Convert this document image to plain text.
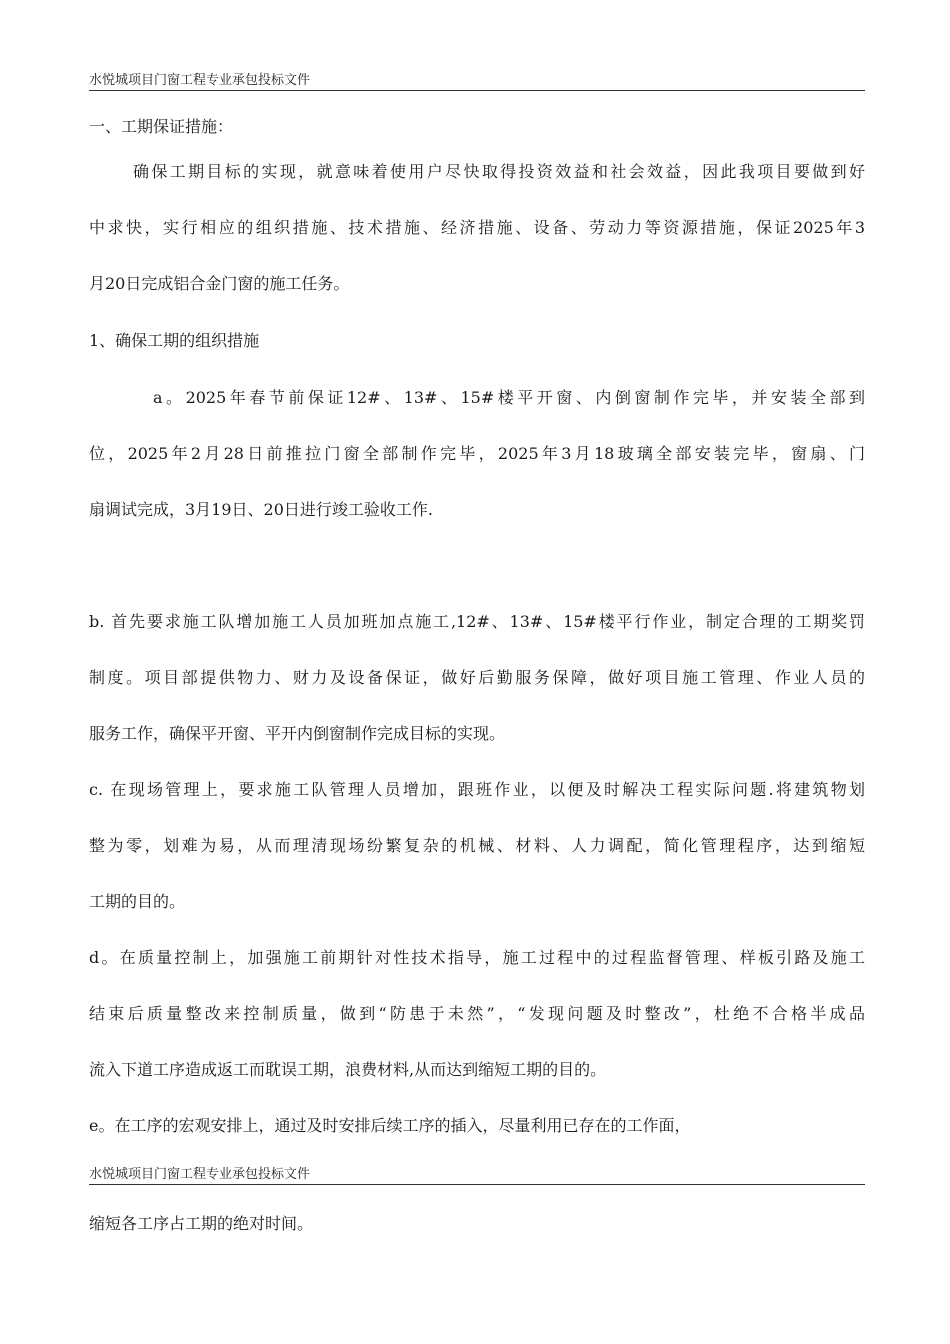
水悦城项目门窗工程专业承包投标文件
一、工期保证措施：
确保工期目标的实现，就意味着使用户尽快取得投资效益和社会效益，因此我项目要做到好
中求快，实行相应的组织措施、技术措施、经济措施、设备、劳动力等资源措施，保证2025年3
月20日完成铝合金门窗的施工任务。
1、确保工期的组织措施
a。2025年春节前保证12#、13#、15#楼平开窗、内倒窗制作完毕，并安装全部到
位，2025年2月28日前推拉门窗全部制作完毕，2025年3月18玻璃全部安装完毕，窗扇、门
扇调试完成，3月19日、20日进行竣工验收工作.
b. 首先要求施工队增加施工人员加班加点施工,12#、13#、15#楼平行作业，制定合理的工期奖罚
制度。项目部提供物力、财力及设备保证，做好后勤服务保障，做好项目施工管理、作业人员的
服务工作，确保平开窗、平开内倒窗制作完成目标的实现。
c. 在现场管理上，要求施工队管理人员增加，跟班作业，以便及时解决工程实际问题.将建筑物划
整为零，划难为易，从而理清现场纷繁复杂的机械、材料、人力调配，简化管理程序，达到缩短
工期的目的。
d。在质量控制上，加强施工前期针对性技术指导，施工过程中的过程监督管理、样板引路及施工
结束后质量整改来控制质量，做到“防患于未然”，“发现问题及时整改”，杜绝不合格半成品
流入下道工序造成返工而耽误工期，浪费材料,从而达到缩短工期的目的。
e。在工序的宏观安排上，通过及时安排后续工序的插入，尽量利用已存在的工作面，
水悦城项目门窗工程专业承包投标文件
缩短各工序占工期的绝对时间。
